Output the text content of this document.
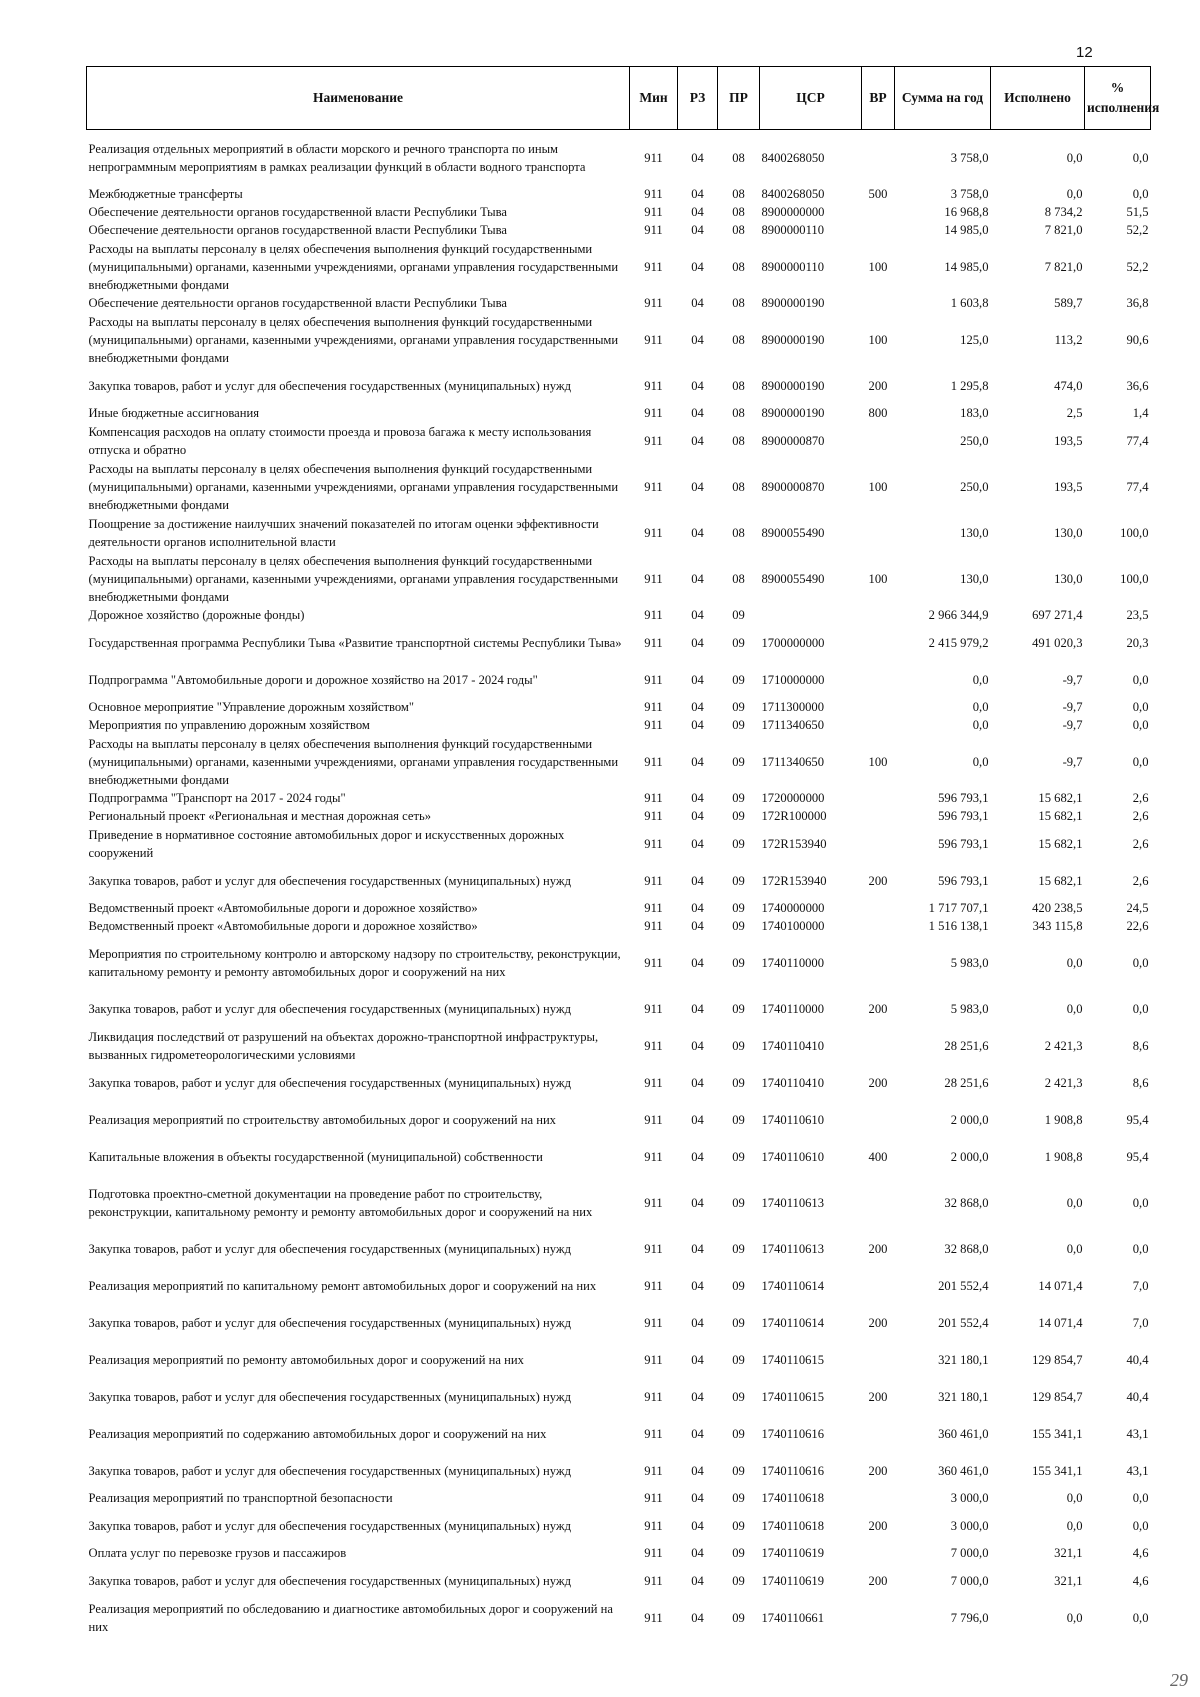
12
Наименование	Мин	РЗ	ПР	ЦСР	ВР	Сумма на год	Исполнено	% исполнения
Реализация отдельных мероприятий в области морского и речного транспорта по иным непрограммным мероприятиям в рамках реализации функций в области водного транспорта	911	04	08	8400268050		3 758,0	0,0	0,0
Межбюджетные трансферты	911	04	08	8400268050	500	3 758,0	0,0	0,0
Обеспечение деятельности органов государственной власти Республики Тыва	911	04	08	8900000000		16 968,8	8 734,2	51,5
Обеспечение деятельности органов государственной власти Республики Тыва	911	04	08	8900000110		14 985,0	7 821,0	52,2
Расходы на выплаты персоналу в целях обеспечения выполнения функций государственными (муниципальными) органами, казенными учреждениями, органами управления государственными внебюджетными фондами	911	04	08	8900000110	100	14 985,0	7 821,0	52,2
Обеспечение деятельности органов государственной власти Республики Тыва	911	04	08	8900000190		1 603,8	589,7	36,8
Расходы на выплаты персоналу в целях обеспечения выполнения функций государственными (муниципальными) органами, казенными учреждениями, органами управления государственными внебюджетными фондами	911	04	08	8900000190	100	125,0	113,2	90,6
Закупка товаров, работ и услуг для обеспечения государственных (муниципальных) нужд	911	04	08	8900000190	200	1 295,8	474,0	36,6
Иные бюджетные ассигнования	911	04	08	8900000190	800	183,0	2,5	1,4
Компенсация расходов на оплату стоимости проезда и провоза багажа к месту использования отпуска и обратно	911	04	08	8900000870		250,0	193,5	77,4
Расходы на выплаты персоналу в целях обеспечения выполнения функций государственными (муниципальными) органами, казенными учреждениями, органами управления государственными внебюджетными фондами	911	04	08	8900000870	100	250,0	193,5	77,4
Поощрение за достижение наилучших значений показателей по итогам оценки эффективности деятельности органов исполнительной власти	911	04	08	8900055490		130,0	130,0	100,0
Расходы на выплаты персоналу в целях обеспечения выполнения функций государственными (муниципальными) органами, казенными учреждениями, органами управления государственными внебюджетными фондами	911	04	08	8900055490	100	130,0	130,0	100,0
Дорожное хозяйство (дорожные фонды)	911	04	09			2 966 344,9	697 271,4	23,5
Государственная программа Республики Тыва «Развитие транспортной системы Республики Тыва»	911	04	09	1700000000		2 415 979,2	491 020,3	20,3
Подпрограмма "Автомобильные дороги и дорожное хозяйство на 2017 - 2024 годы"	911	04	09	1710000000		0,0	-9,7	0,0
Основное мероприятие "Управление дорожным хозяйством"	911	04	09	1711300000		0,0	-9,7	0,0
Мероприятия по управлению дорожным хозяйством	911	04	09	1711340650		0,0	-9,7	0,0
Расходы на выплаты персоналу в целях обеспечения выполнения функций государственными (муниципальными) органами, казенными учреждениями, органами управления государственными внебюджетными фондами	911	04	09	1711340650	100	0,0	-9,7	0,0
Подпрограмма "Транспорт на 2017 - 2024 годы"	911	04	09	1720000000		596 793,1	15 682,1	2,6
Региональный проект «Региональная и местная дорожная сеть»	911	04	09	172R100000		596 793,1	15 682,1	2,6
Приведение в нормативное состояние автомобильных дорог и искусственных дорожных сооружений	911	04	09	172R153940		596 793,1	15 682,1	2,6
Закупка товаров, работ и услуг для обеспечения государственных (муниципальных) нужд	911	04	09	172R153940	200	596 793,1	15 682,1	2,6
Ведомственный проект «Автомобильные дороги и дорожное хозяйство»	911	04	09	1740000000		1 717 707,1	420 238,5	24,5
Ведомственный проект «Автомобильные дороги и дорожное хозяйство»	911	04	09	1740100000		1 516 138,1	343 115,8	22,6
Мероприятия по строительному контролю и авторскому надзору по строительству, реконструкции, капитальному ремонту и ремонту автомобильных дорог и сооружений на них	911	04	09	1740110000		5 983,0	0,0	0,0
Закупка товаров, работ и услуг для обеспечения государственных (муниципальных) нужд	911	04	09	1740110000	200	5 983,0	0,0	0,0
Ликвидация последствий от разрушений на объектах дорожно-транспортной инфраструктуры, вызванных гидрометеорологическими условиями	911	04	09	1740110410		28 251,6	2 421,3	8,6
Закупка товаров, работ и услуг для обеспечения государственных (муниципальных) нужд	911	04	09	1740110410	200	28 251,6	2 421,3	8,6
Реализация мероприятий по строительству автомобильных дорог и сооружений на них	911	04	09	1740110610		2 000,0	1 908,8	95,4
Капитальные вложения в объекты государственной (муниципальной) собственности	911	04	09	1740110610	400	2 000,0	1 908,8	95,4
Подготовка проектно-сметной документации на проведение работ по строительству, реконструкции, капитальному ремонту и ремонту автомобильных дорог и сооружений на них	911	04	09	1740110613		32 868,0	0,0	0,0
Закупка товаров, работ и услуг для обеспечения государственных (муниципальных) нужд	911	04	09	1740110613	200	32 868,0	0,0	0,0
Реализация мероприятий по капитальному ремонт автомобильных дорог и сооружений на них	911	04	09	1740110614		201 552,4	14 071,4	7,0
Закупка товаров, работ и услуг для обеспечения государственных (муниципальных) нужд	911	04	09	1740110614	200	201 552,4	14 071,4	7,0
Реализация мероприятий по ремонту автомобильных дорог и сооружений на них	911	04	09	1740110615		321 180,1	129 854,7	40,4
Закупка товаров, работ и услуг для обеспечения государственных (муниципальных) нужд	911	04	09	1740110615	200	321 180,1	129 854,7	40,4
Реализация мероприятий по содержанию автомобильных дорог и сооружений на них	911	04	09	1740110616		360 461,0	155 341,1	43,1
Закупка товаров, работ и услуг для обеспечения государственных (муниципальных) нужд	911	04	09	1740110616	200	360 461,0	155 341,1	43,1
Реализация мероприятий по транспортной безопасности	911	04	09	1740110618		3 000,0	0,0	0,0
Закупка товаров, работ и услуг для обеспечения государственных (муниципальных) нужд	911	04	09	1740110618	200	3 000,0	0,0	0,0
Оплата услуг по перевозке грузов и пассажиров	911	04	09	1740110619		7 000,0	321,1	4,6
Закупка товаров, работ и услуг для обеспечения государственных (муниципальных) нужд	911	04	09	1740110619	200	7 000,0	321,1	4,6
Реализация мероприятий по обследованию и диагностике автомобильных дорог и сооружений на них	911	04	09	1740110661		7 796,0	0,0	0,0
29
